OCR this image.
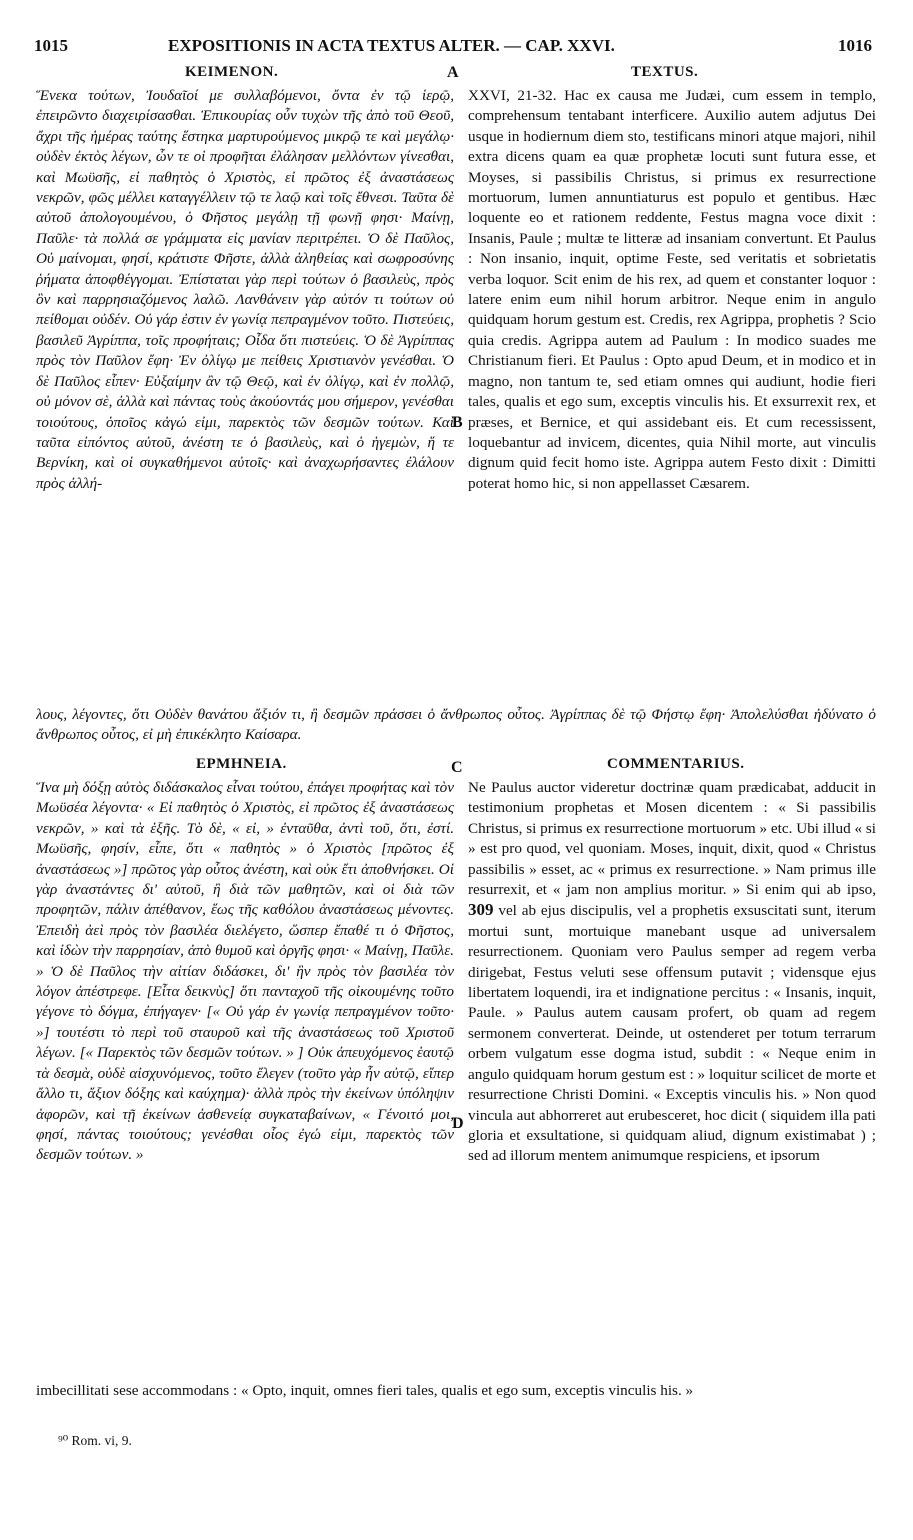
1015	EXPOSITIONIS IN ACTA TEXTUS ALTER. — CAP. XXVI.	1016
ΚΕΙΜΕΝΟΝ.	A	TEXTUS.

Ἕνεκα τούτων, Ἰουδαῖοί με συλλαβόμενοι, ὄντα ἐν τῷ ἱερῷ, ἐπειρῶντο διαχειρίσασθαι. Ἐπικουρίας οὖν τυχὼν τῆς ἀπὸ τοῦ Θεοῦ, ἄχρι τῆς ἡμέρας ταύτης ἕστηκα μαρτυρούμενος μικρῷ τε καὶ μεγάλῳ· οὐδὲν ἐκτὸς λέγων, ὧν τε οἱ προφῆται ἐλάλησαν μελλόντων γίνεσθαι, καὶ Μωϋσῆς, εἰ παθητὸς ὁ Χριστὸς, εἰ πρῶτος ἐξ ἀναστάσεως νεκρῶν, φῶς μέλλει καταγγέλλειν τῷ τε λαῷ καὶ τοῖς ἔθνεσι. Ταῦτα δὲ αὐτοῦ ἀπολογουμένου, ὁ Φῆστος μεγάλῃ τῇ φωνῇ φησι· Μαίνῃ, Παῦλε· τὰ πολλά σε γράμματα εἰς μανίαν περιτρέπει. Ὁ δὲ Παῦλος, Οὐ μαίνομαι, φησί, κράτιστε Φῆστε, ἀλλὰ ἀληθείας καὶ σωφροσύνης ῥήματα ἀποφθέγγομαι. Ἐπίσταται γὰρ περὶ τούτων ὁ βασιλεὺς, πρὸς ὃν καὶ παρρησιαζόμενος λαλῶ. Λανθάνειν γὰρ αὐτόν τι τούτων οὐ πείθομαι οὐδέν. Οὐ γάρ ἐστιν ἐν γωνίᾳ πεπραγμένον τοῦτο. Πιστεύεις, βασιλεῦ Ἀγρίππα, τοῖς προφήταις; Οἶδα ὅτι πιστεύεις. Ὁ δὲ Ἀγρίππας πρὸς τὸν Παῦλον ἔφη· Ἐν ὀλίγῳ με πείθεις Χριστιανὸν γενέσθαι. Ὁ δὲ Παῦλος εἶπεν· Εὐξαίμην ἂν τῷ Θεῷ, καὶ ἐν ὀλίγῳ, καὶ ἐν πολλῷ, οὐ μόνον σὲ, ἀλλὰ καὶ πάντας τοὺς ἀκούοντάς μου σήμερον, γενέσθαι τοιούτους, ὁποῖος κἀγώ εἰμι, παρεκτὸς τῶν δεσμῶν τούτων. Καὶ ταῦτα εἰπόντος αὐτοῦ, ἀνέστη τε ὁ βασιλεὺς, καὶ ὁ ἡγεμὼν, ἥ τε Βερνίκη, καὶ οἱ συγκαθήμενοι αὐτοῖς· καὶ ἀναχωρήσαντες ἐλάλουν πρὸς ἀλλή-

B

XXVI, 21-32. Hac ex causa me Judæi, cum essem in templo, comprehensum tentabant interficere. Auxilio autem adjutus Dei usque in hodiernum diem sto, testificans minori atque majori, nihil extra dicens quam ea quæ prophetæ locuti sunt futura esse, et Moyses, si passibilis Christus, si primus ex resurrectione mortuorum, lumen annuntiaturus est populo et gentibus. Hæc loquente eo et rationem reddente, Festus magna voce dixit : Insanis, Paule ; multæ te litteræ ad insaniam convertunt. Et Paulus : Non insanio, inquit, optime Feste, sed veritatis et sobrietatis verba loquor. Scit enim de his rex, ad quem et constanter loquor : latere enim eum nihil horum arbitror. Neque enim in angulo quidquam horum gestum est. Credis, rex Agrippa, prophetis ? Scio quia credis. Agrippa autem ad Paulum : In modico suades me Christianum fieri. Et Paulus : Opto apud Deum, et in modico et in magno, non tantum te, sed etiam omnes qui audiunt, hodie fieri tales, qualis et ego sum, exceptis vinculis his. Et exsurrexit rex, et præses, et Bernice, et qui assidebant eis. Et cum recessissent, loquebantur ad invicem, dicentes, quia Nihil morte, aut vinculis dignum quid fecit homo iste. Agrippa autem Festo dixit : Dimitti poterat homo hic, si non appellasset Cæsarem.

λους, λέγοντες, ὅτι Οὐδὲν θανάτου ἄξιόν τι, ἢ δεσμῶν πράσσει ὁ ἄνθρωπος οὗτος. Ἀγρίππας δὲ τῷ Φήστῳ ἔφη· Ἀπολελύσθαι ἠδύνατο ὁ ἄνθρωπος οὗτος, εἰ μὴ ἐπικέκλητο Καίσαρα.
ΕΡΜΗΝΕΙΑ.	C	COMMENTARIUS.

Ἵνα μὴ δόξῃ αὐτὸς διδάσκαλος εἶναι τούτου, ἐπάγει προφήτας καὶ τὸν Μωϋσέα λέγοντα· « Εἰ παθητὸς ὁ Χριστὸς, εἰ πρῶτος ἐξ ἀναστάσεως νεκρῶν, » καὶ τὰ ἑξῆς. Τὸ δὲ, « εἰ, » ἐνταῦθα, ἀντὶ τοῦ, ὅτι, ἐστί. Μωϋσῆς, φησίν, εἶπε, ὅτι « παθητὸς » ὁ Χριστὸς [πρῶτος ἐξ ἀναστάσεως »] πρῶτος γὰρ οὗτος ἀνέστη, καὶ οὐκ ἔτι ἀποθνήσκει. Οἱ γὰρ ἀναστάντες δι' αὐτοῦ, ἢ διὰ τῶν μαθητῶν, καὶ οἱ διὰ τῶν προφητῶν, πάλιν ἀπέθανον, ἕως τῆς καθόλου ἀναστάσεως μένοντες. Ἐπειδὴ ἀεὶ πρὸς τὸν βασιλέα διελέγετο, ὥσπερ ἔπαθέ τι ὁ Φῆστος, καὶ ἰδὼν τὴν παρρησίαν, ἀπὸ θυμοῦ καὶ ὀργῆς φησι· « Μαίνῃ, Παῦλε. » Ὁ δὲ Παῦλος τὴν αἰτίαν διδάσκει, δι' ἣν πρὸς τὸν βασιλέα τὸν λόγον ἀπέστρεφε. [Εἶτα δεικνὺς] ὅτι πανταχοῦ τῆς οἰκουμένης τοῦτο γέγονε τὸ δόγμα, ἐπήγαγεν· [« Οὐ γάρ ἐν γωνίᾳ πεπραγμένον τοῦτο· »] τουτέστι τὸ περὶ τοῦ σταυροῦ καὶ τῆς ἀναστάσεως τοῦ Χριστοῦ λέγων. [« Παρεκτὸς τῶν δεσμῶν τούτων. » ] Οὐκ ἀπευχόμενος ἑαυτῷ τὰ δεσμὰ, οὐδὲ αἰσχυνόμενος, τοῦτο ἔλεγεν (τοῦτο γὰρ ἦν αὐτῷ, εἴπερ ἄλλο τι, ἄξιον δόξης καὶ καύχημα)· ἀλλὰ πρὸς τὴν ἐκείνων ὑπόληψιν ἀφορῶν, καὶ τῇ ἐκείνων ἀσθενείᾳ συγκαταβαίνων, « Γένοιτό μοι, φησί, πάντας τοιούτους; γενέσθαι οἷος ἐγώ εἰμι, παρεκτὸς τῶν δεσμῶν τούτων. »

D

Ne Paulus auctor videretur doctrinæ quam prædicabat, adducit in testimonium prophetas et Mosen dicentem : « Si passibilis Christus, si primus ex resurrectione mortuorum » etc. Ubi illud « si » est pro quod, vel quoniam. Moses, inquit, dixit, quod « Christus passibilis » esset, ac « primus ex resurrectione. » Nam primus ille resurrexit, et « jam non amplius moritur. » Si enim qui ab ipso, 309 vel ab ejus discipulis, vel a prophetis exsuscitati sunt, iterum mortui sunt, mortuique manebant usque ad universalem resurrectionem. Quoniam vero Paulus semper ad regem verba dirigebat, Festus veluti sese offensum putavit ; vidensque ejus libertatem loquendi, ira et indignatione percitus : « Insanis, inquit, Paule. » Paulus autem causam profert, ob quam ad regem sermonem converterat. Deinde, ut ostenderet per totum terrarum orbem vulgatum esse dogma istud, subdit : « Neque enim in angulo quidquam horum gestum est : » loquitur scilicet de morte et resurrectione Christi Domini. « Exceptis vinculis his. » Non quod vincula aut abhorreret aut erubesceret, hoc dicit ( siquidem illa pati gloria et exsultatione, si quidquam aliud, dignum existimabat ) ; sed ad illorum mentem animumque respiciens, et ipsorum

imbecillitati sese accommodans : « Opto, inquit, omnes fieri tales, qualis et ego sum, exceptis vinculis his. »
⁹⁰ Rom. vi, 9.
